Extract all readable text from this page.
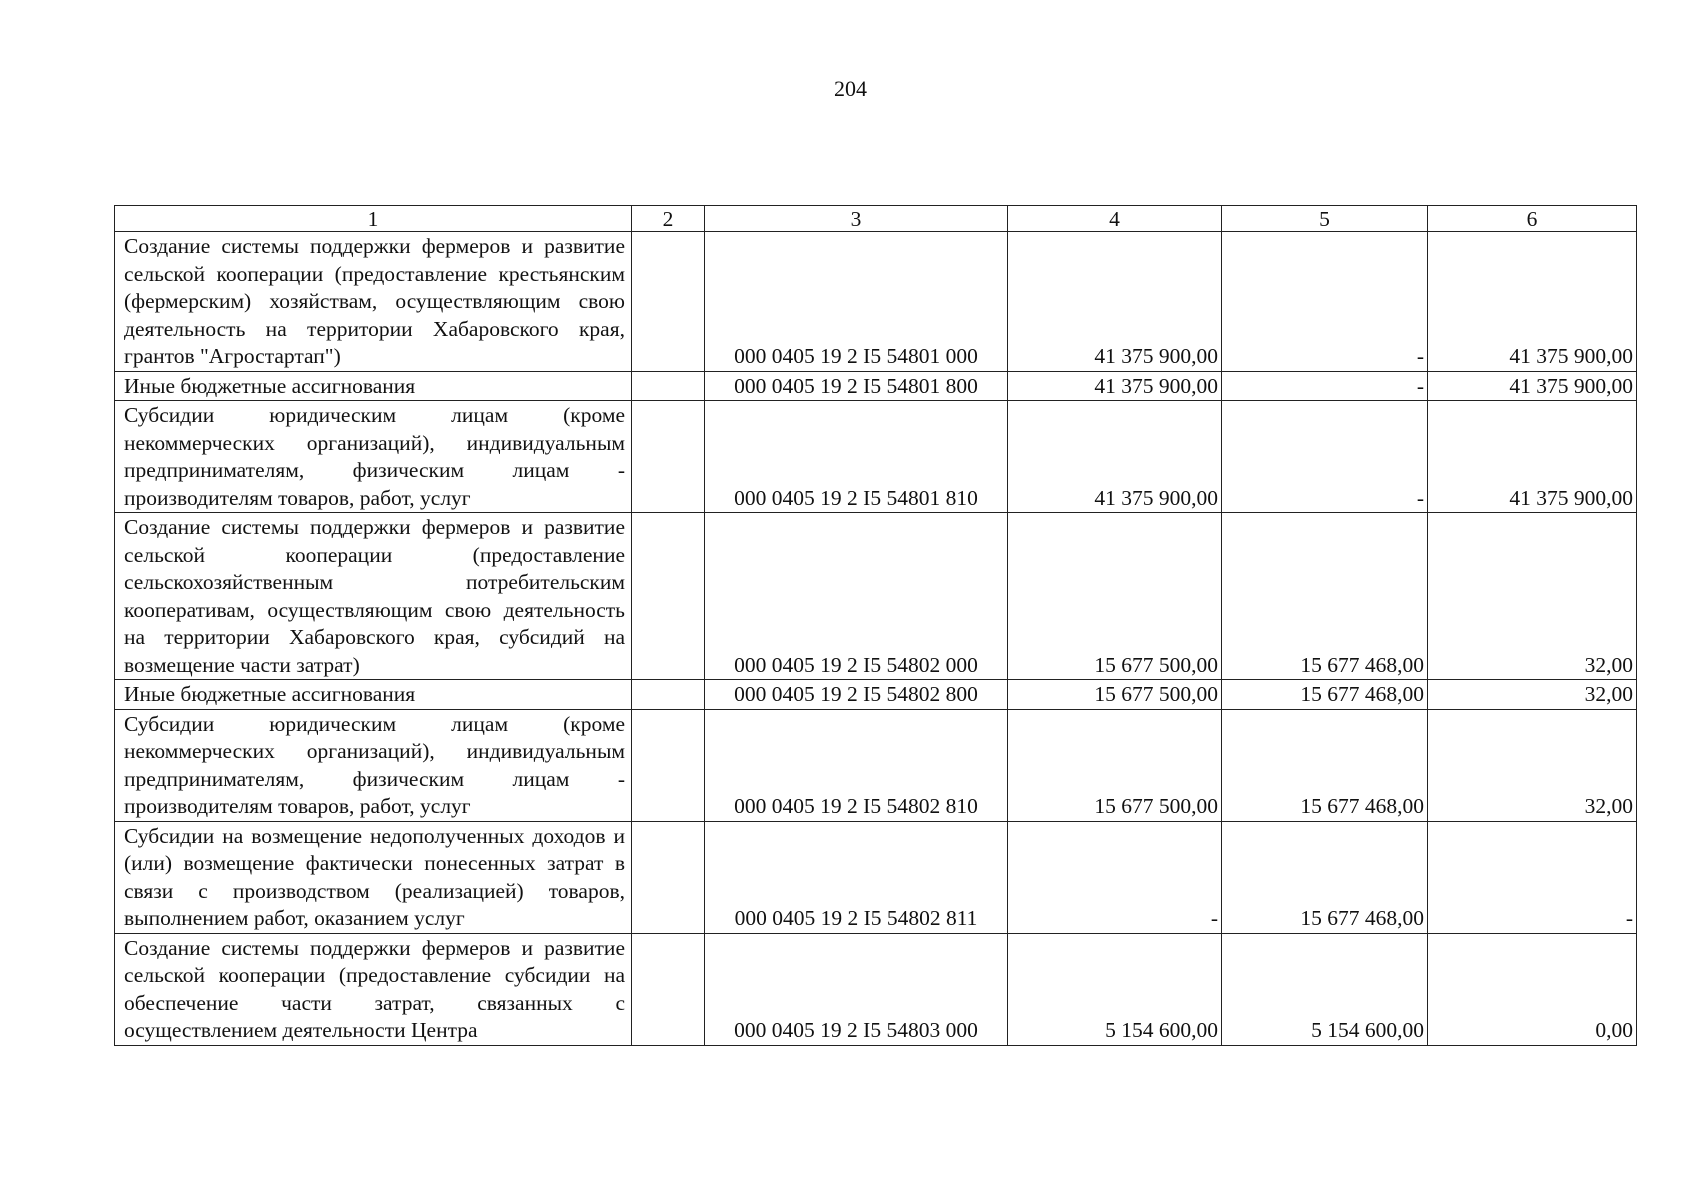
204
1	2	3	4	5	6
Создание системы поддержки фермеров и развитие сельской кооперации (предоставление крестьянским (фермерским) хозяйствам, осуществляющим свою деятельность на территории Хабаровского края, грантов "Агростартап")		000 0405 19 2 I5 54801 000	41 375 900,00	-	41 375 900,00
Иные бюджетные ассигнования		000 0405 19 2 I5 54801 800	41 375 900,00	-	41 375 900,00
Субсидии юридическим лицам (кроме некоммерческих организаций), индивидуальным предпринимателям, физическим лицам - производителям товаров, работ, услуг		000 0405 19 2 I5 54801 810	41 375 900,00	-	41 375 900,00
Создание системы поддержки фермеров и развитие сельской кооперации (предоставление сельскохозяйственным потребительским кооперативам, осуществляющим свою деятельность на территории Хабаровского края, субсидий на возмещение части затрат)		000 0405 19 2 I5 54802 000	15 677 500,00	15 677 468,00	32,00
Иные бюджетные ассигнования		000 0405 19 2 I5 54802 800	15 677 500,00	15 677 468,00	32,00
Субсидии юридическим лицам (кроме некоммерческих организаций), индивидуальным предпринимателям, физическим лицам - производителям товаров, работ, услуг		000 0405 19 2 I5 54802 810	15 677 500,00	15 677 468,00	32,00
Субсидии на возмещение недополученных доходов и (или) возмещение фактически понесенных затрат в связи с производством (реализацией) товаров, выполнением работ, оказанием услуг		000 0405 19 2 I5 54802 811	-	15 677 468,00	-
Создание системы поддержки фермеров и развитие сельской кооперации (предоставление субсидии на обеспечение части затрат, связанных с осуществлением деятельности Центра		000 0405 19 2 I5 54803 000	5 154 600,00	5 154 600,00	0,00
